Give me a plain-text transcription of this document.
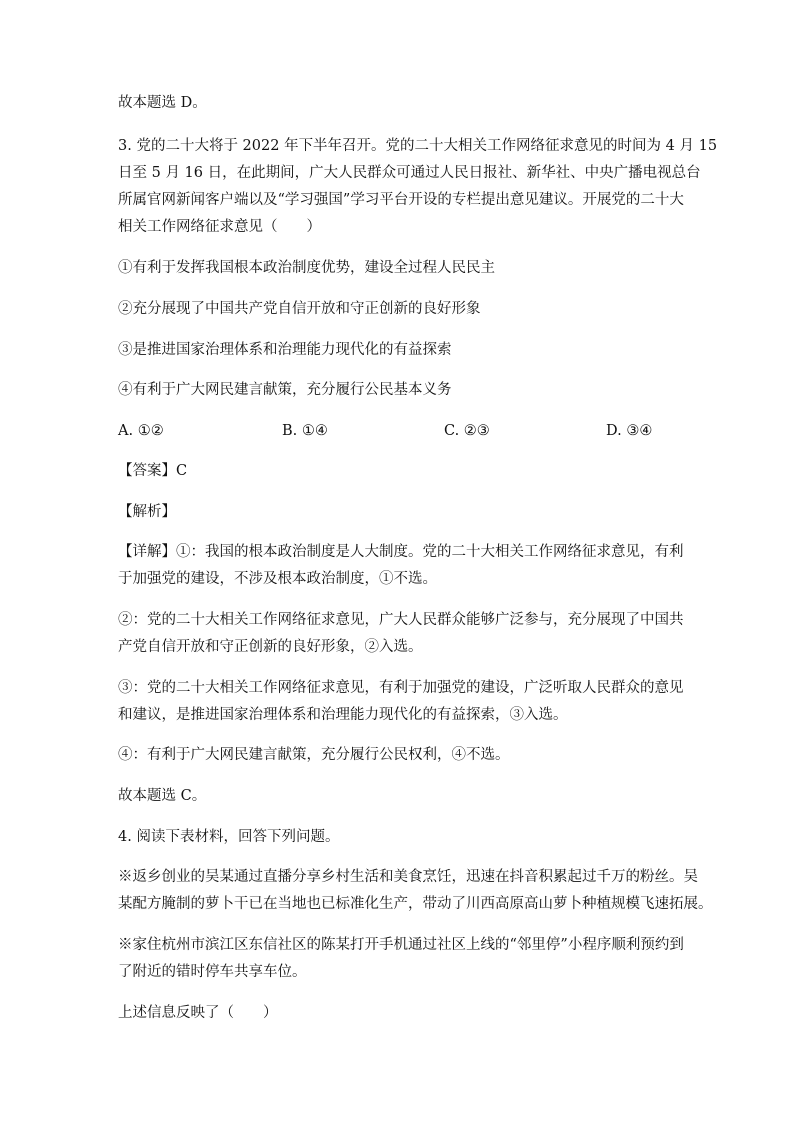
故本题选 D。
3. 党的二十大将于 2022 年下半年召开。党的二十大相关工作网络征求意见的时间为 4 月 15
日至 5 月 16 日，在此期间，广大人民群众可通过人民日报社、新华社、中央广播电视总台
所属官网新闻客户端以及“学习强国”学习平台开设的专栏提出意见建议。开展党的二十大
相关工作网络征求意见（　　）
①有利于发挥我国根本政治制度优势，建设全过程人民民主
②充分展现了中国共产党自信开放和守正创新的良好形象
③是推进国家治理体系和治理能力现代化的有益探索
④有利于广大网民建言献策，充分履行公民基本义务
A. ①②	B. ①④	C. ②③	D. ③④
【答案】C
【解析】
【详解】①：我国的根本政治制度是人大制度。党的二十大相关工作网络征求意见，有利
于加强党的建设，不涉及根本政治制度，①不选。
②：党的二十大相关工作网络征求意见，广大人民群众能够广泛参与，充分展现了中国共
产党自信开放和守正创新的良好形象，②入选。
③：党的二十大相关工作网络征求意见，有利于加强党的建设，广泛听取人民群众的意见
和建议，是推进国家治理体系和治理能力现代化的有益探索，③入选。
④：有利于广大网民建言献策，充分履行公民权利，④不选。
故本题选 C。
4. 阅读下表材料，回答下列问题。
※返乡创业的吴某通过直播分享乡村生活和美食烹饪，迅速在抖音积累起过千万的粉丝。吴
某配方腌制的萝卜干已在当地也已标准化生产，带动了川西高原高山萝卜种植规模飞速拓展。
※家住杭州市滨江区东信社区的陈某打开手机通过社区上线的“邻里停”小程序顺利预约到
了附近的错时停车共享车位。
上述信息反映了（　　）
